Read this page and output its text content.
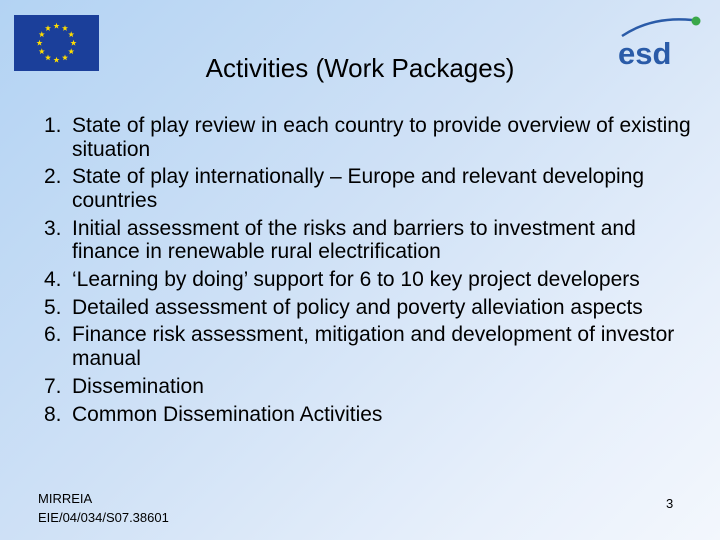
esd
Activities (Work Packages)
1. State of play review in each country to provide overview of existing situation
2. State of play internationally – Europe and relevant developing countries
3. Initial assessment of the risks and barriers to investment and finance in renewable rural electrification
4. ‘Learning by doing’ support for 6 to 10 key project developers
5. Detailed assessment of policy and poverty alleviation aspects
6. Finance risk assessment, mitigation and development of investor manual
7. Dissemination
8. Common Dissemination Activities
MIRREIA
EIE/04/034/S07.38601
3
